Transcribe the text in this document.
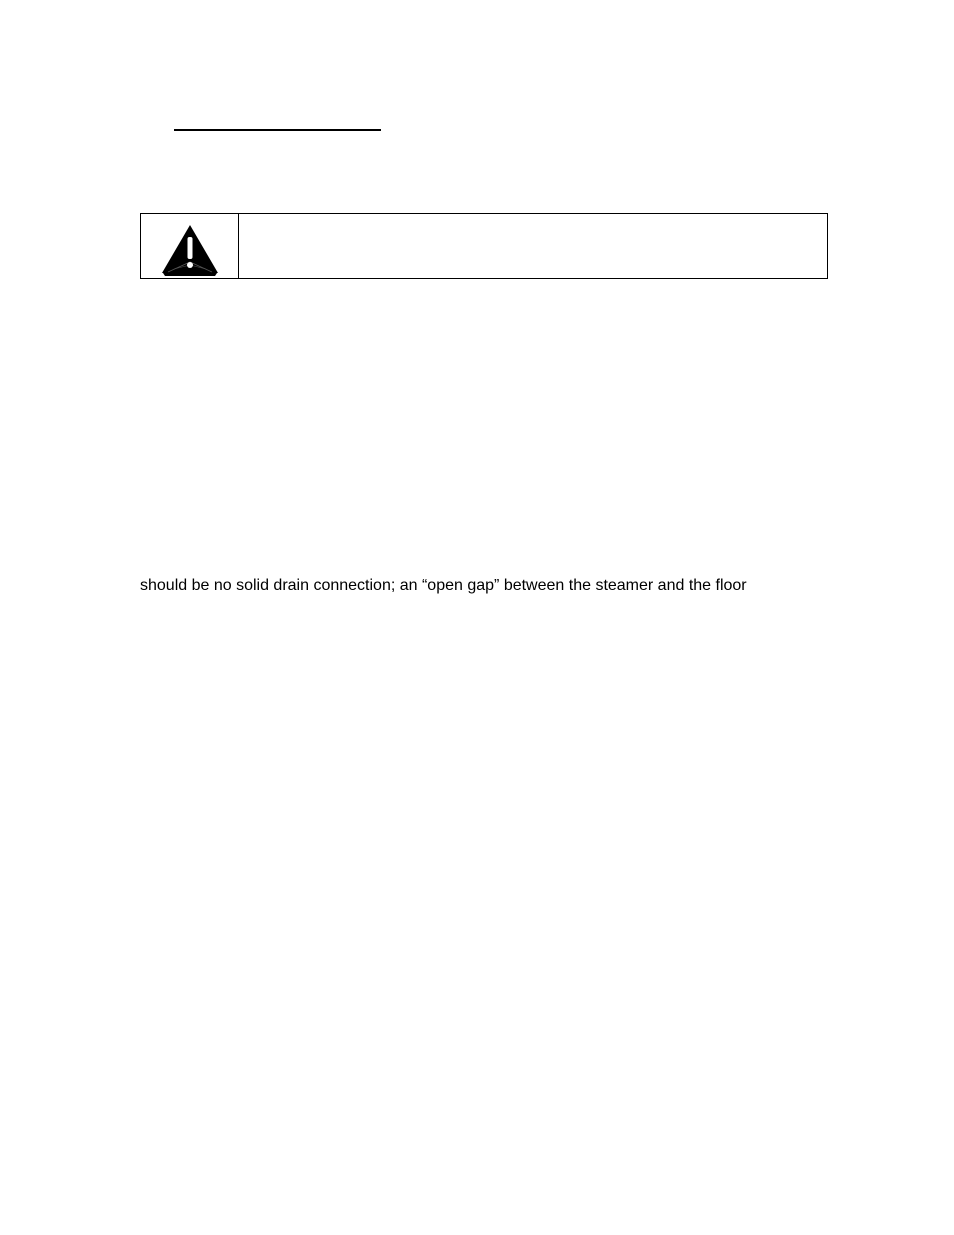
should be no solid drain connection; an “open gap” between the steamer and the floor
